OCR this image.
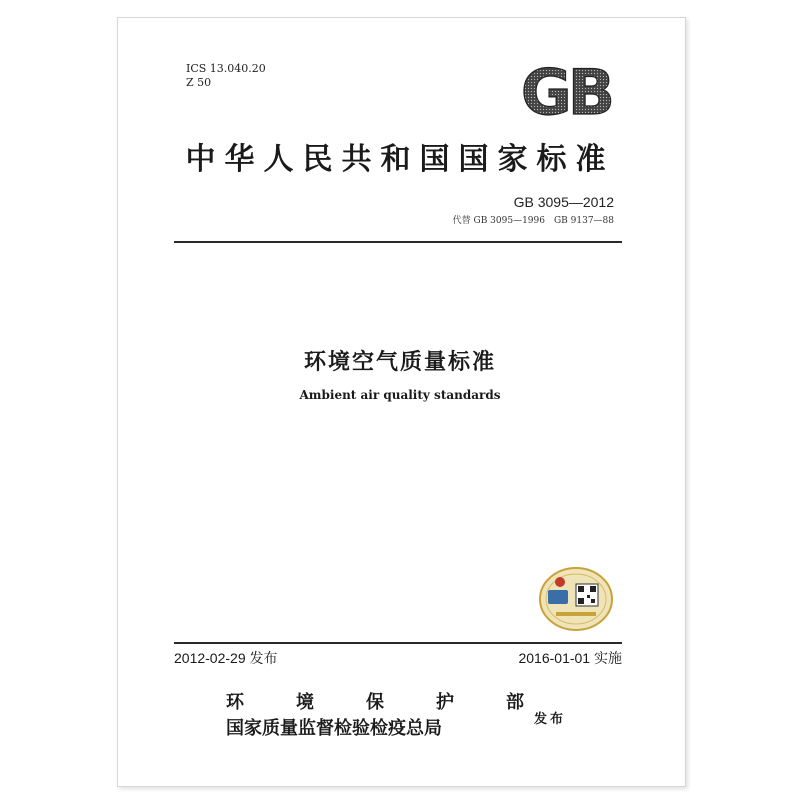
ICS 13.040.20
Z 50	GB
中华人民共和国国家标准
GB 3095—2012
代替 GB 3095—1996　GB 9137—88
环境空气质量标准
Ambient air quality standards
2012-02-29 发布	2016-01-01 实施
环	境	保	护	部
国家质量监督检验检疫总局	发布
